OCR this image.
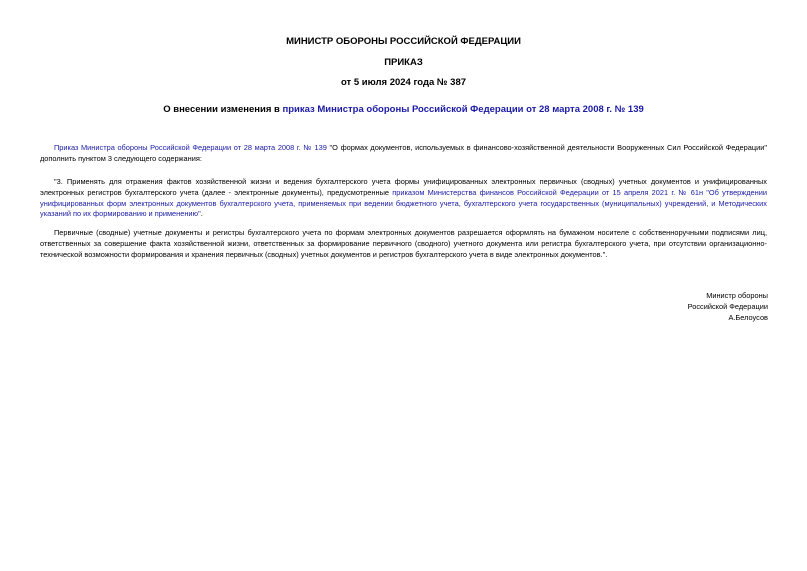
МИНИСТР ОБОРОНЫ РОССИЙСКОЙ ФЕДЕРАЦИИ
ПРИКАЗ
от 5 июля 2024 года № 387
О внесении изменения в приказ Министра обороны Российской Федерации от 28 марта 2008 г. № 139

Приказ Министра обороны Российской Федерации от 28 марта 2008 г. № 139 "О формах документов, используемых в финансово-хозяйственной деятельности Вооруженных Сил Российской Федерации" дополнить пунктом 3 следующего содержания:

"3. Применять для отражения фактов хозяйственной жизни и ведения бухгалтерского учета формы унифицированных электронных первичных (сводных) учетных документов и унифицированных электронных регистров бухгалтерского учета (далее - электронные документы), предусмотренные приказом Министерства финансов Российской Федерации от 15 апреля 2021 г. № 61н "Об утверждении унифицированных форм электронных документов бухгалтерского учета, применяемых при ведении бюджетного учета, бухгалтерского учета государственных (муниципальных) учреждений, и Методических указаний по их формированию и применению".

Первичные (сводные) учетные документы и регистры бухгалтерского учета по формам электронных документов разрешается оформлять на бумажном носителе с собственноручными подписями лиц, ответственных за совершение факта хозяйственной жизни, ответственных за формирование первичного (сводного) учетного документа или регистра бухгалтерского учета, при отсутствии организационно-технической возможности формирования и хранения первичных (сводных) учетных документов и регистров бухгалтерского учета в виде электронных документов.".

Министр обороны
Российской Федерации
А.Белоусов
